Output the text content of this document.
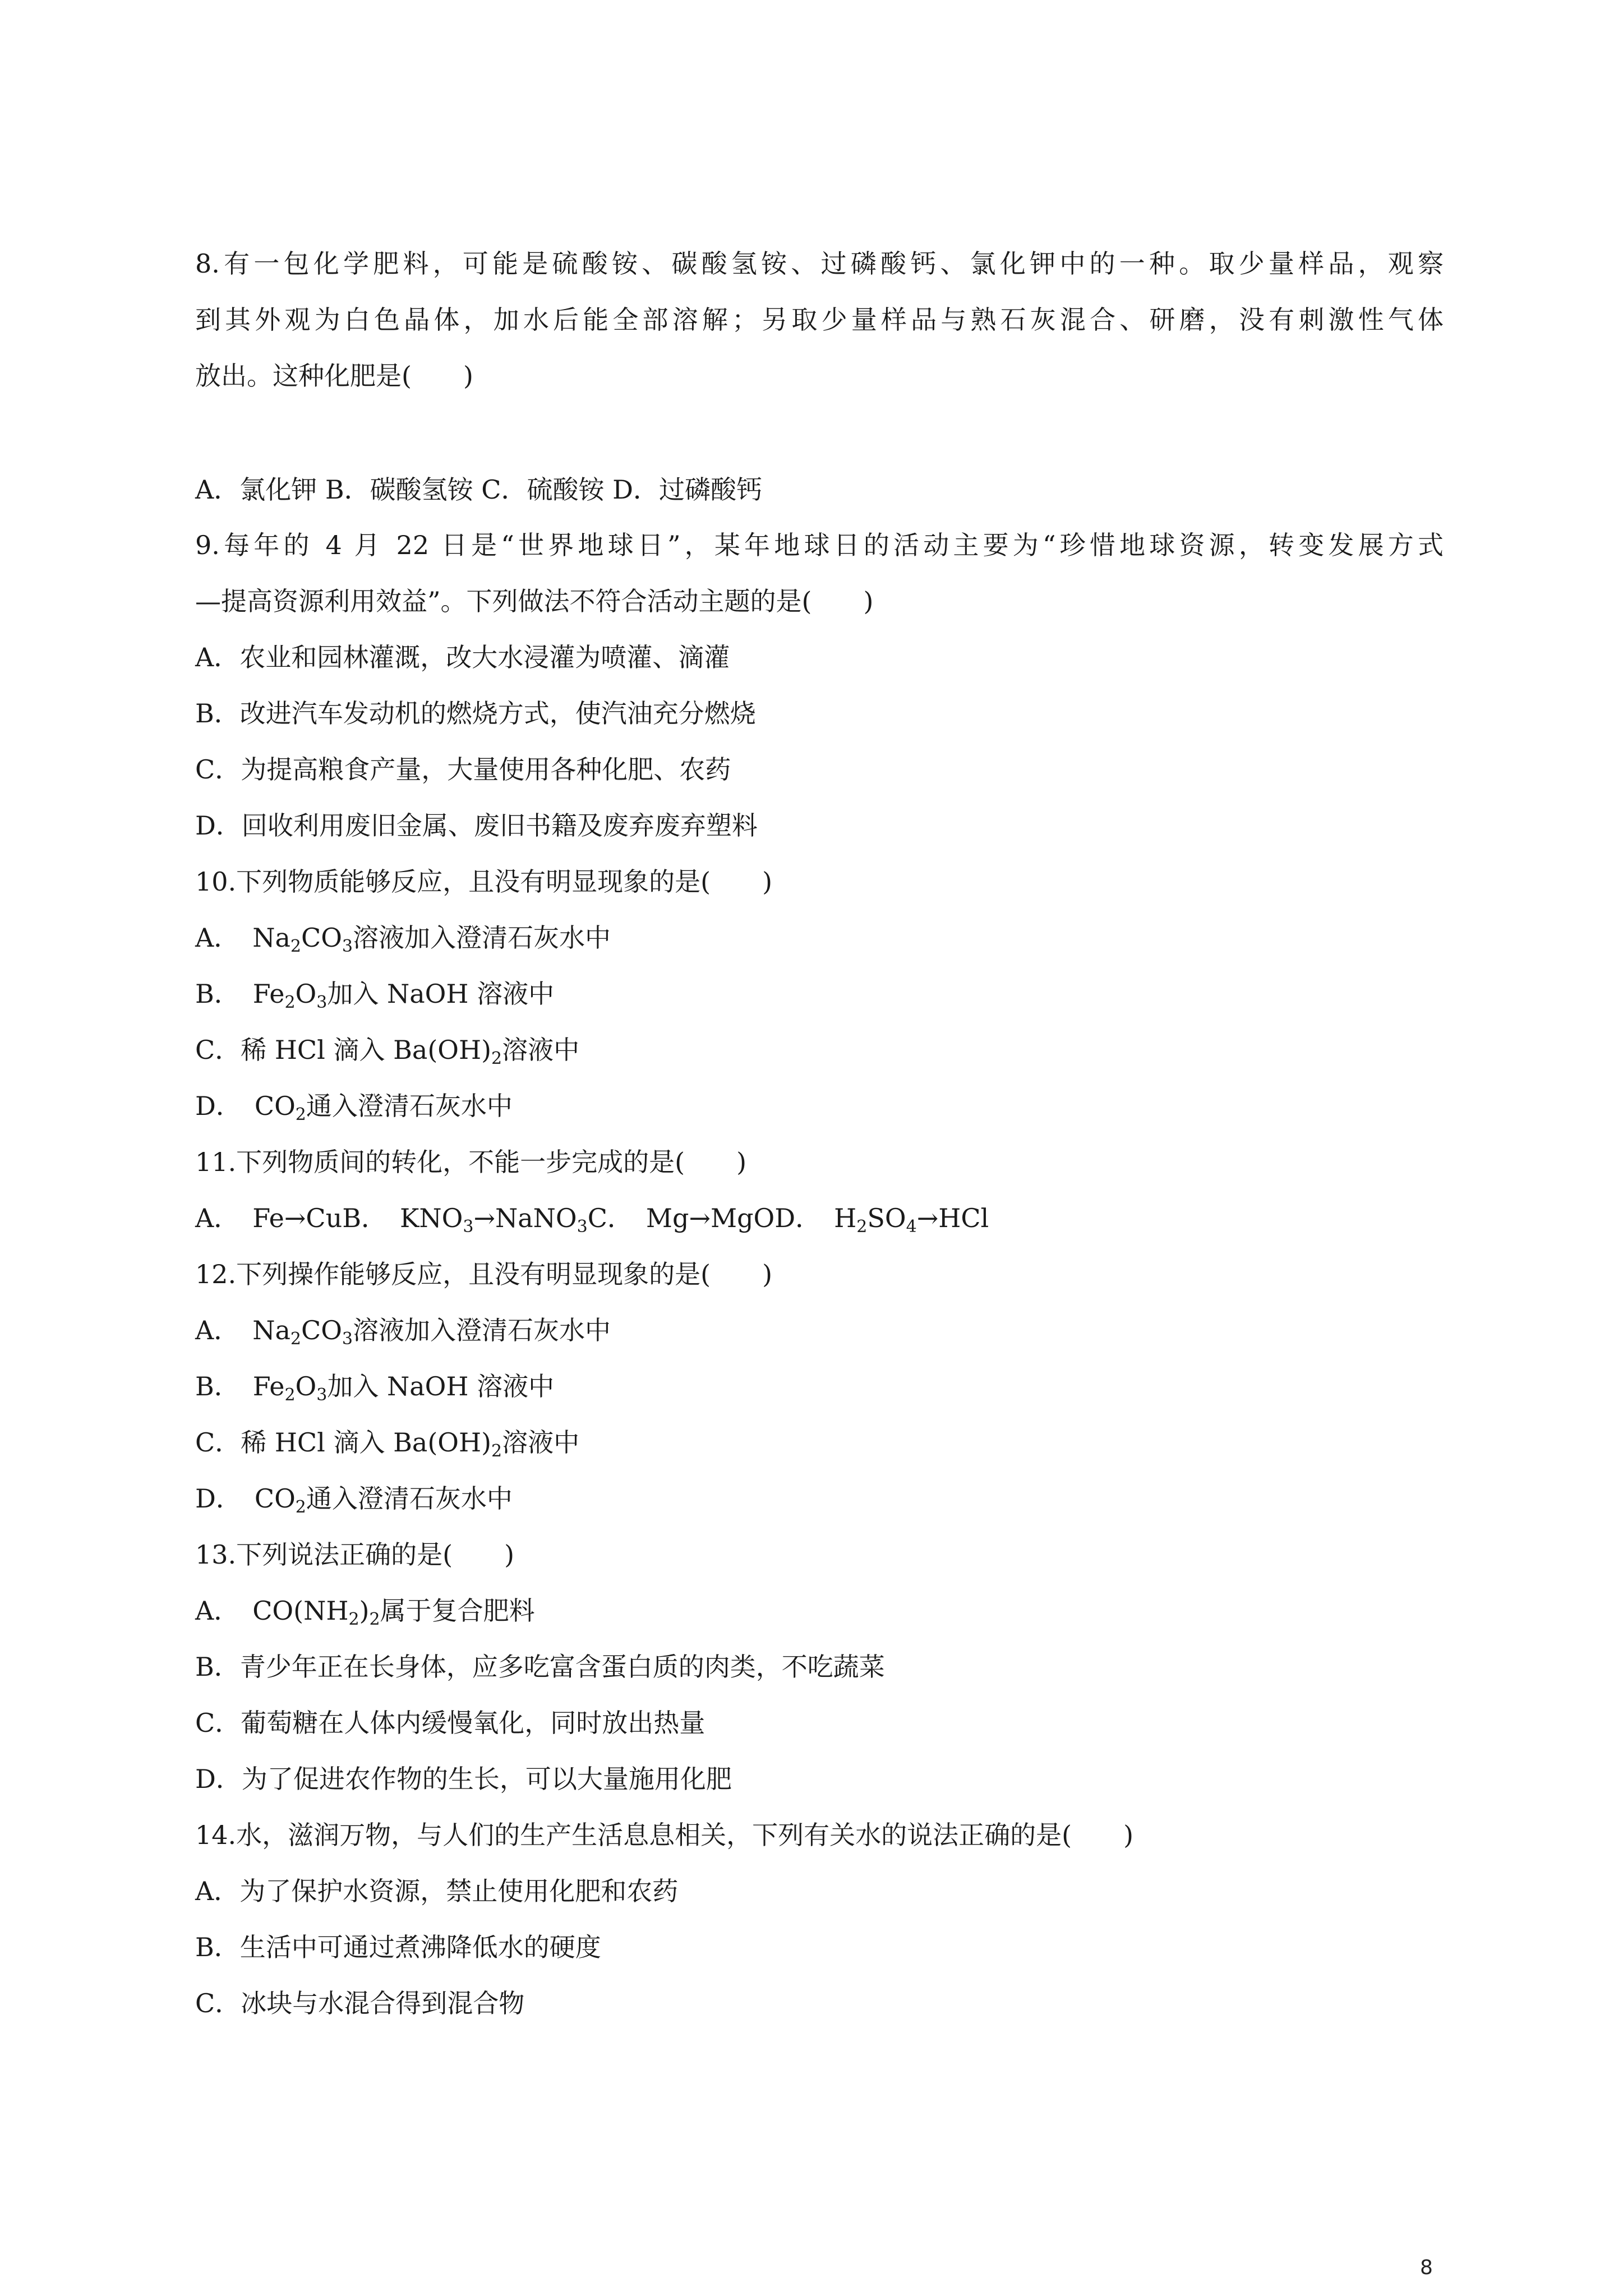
8.有一包化学肥料，可能是硫酸铵、碳酸氢铵、过磷酸钙、氯化钾中的一种。取少量样品，观察
到其外观为白色晶体，加水后能全部溶解；另取少量样品与熟石灰混合、研磨，没有刺激性气体
放出。这种化肥是(　　)
A．氯化钾 B．碳酸氢铵 C．硫酸铵 D．过磷酸钙
9.每年的 4 月 22 日是“世界地球日”，某年地球日的活动主要为“珍惜地球资源，转变发展方式
—提高资源利用效益”。下列做法不符合活动主题的是(　　)
A．农业和园林灌溉，改大水浸灌为喷灌、滴灌
B．改进汽车发动机的燃烧方式，使汽油充分燃烧
C．为提高粮食产量，大量使用各种化肥、农药
D．回收利用废旧金属、废旧书籍及废弃废弃塑料
10.下列物质能够反应，且没有明显现象的是(　　)
A．　$Na_2CO_3$溶液加入澄清石灰水中
B．　$Fe_2O_3$加入 NaOH 溶液中
C．稀 HCl 滴入 $Ba(OH)_2$溶液中
D．　$CO_2$通入澄清石灰水中
11.下列物质间的转化，不能一步完成的是(　　)
A．　Fe→CuB．　$KNO_3\to NaNO_3C$．　Mg→MgOD．　$H_2SO_4\to HCl$
12.下列操作能够反应，且没有明显现象的是(　　)
A．　$Na_2CO_3$溶液加入澄清石灰水中
B．　$Fe_2O_3$加入 NaOH 溶液中
C．稀 HCl 滴入 $Ba(OH)_2$溶液中
D．　$CO_2$通入澄清石灰水中
13.下列说法正确的是(　　)
A．　$CO(NH_2)_2$属于复合肥料
B．青少年正在长身体，应多吃富含蛋白质的肉类，不吃蔬菜
C．葡萄糖在人体内缓慢氧化，同时放出热量
D．为了促进农作物的生长，可以大量施用化肥
14.水，滋润万物，与人们的生产生活息息相关，下列有关水的说法正确的是(　　)
A．为了保护水资源，禁止使用化肥和农药
B．生活中可通过煮沸降低水的硬度
C．冰块与水混合得到混合物
8
